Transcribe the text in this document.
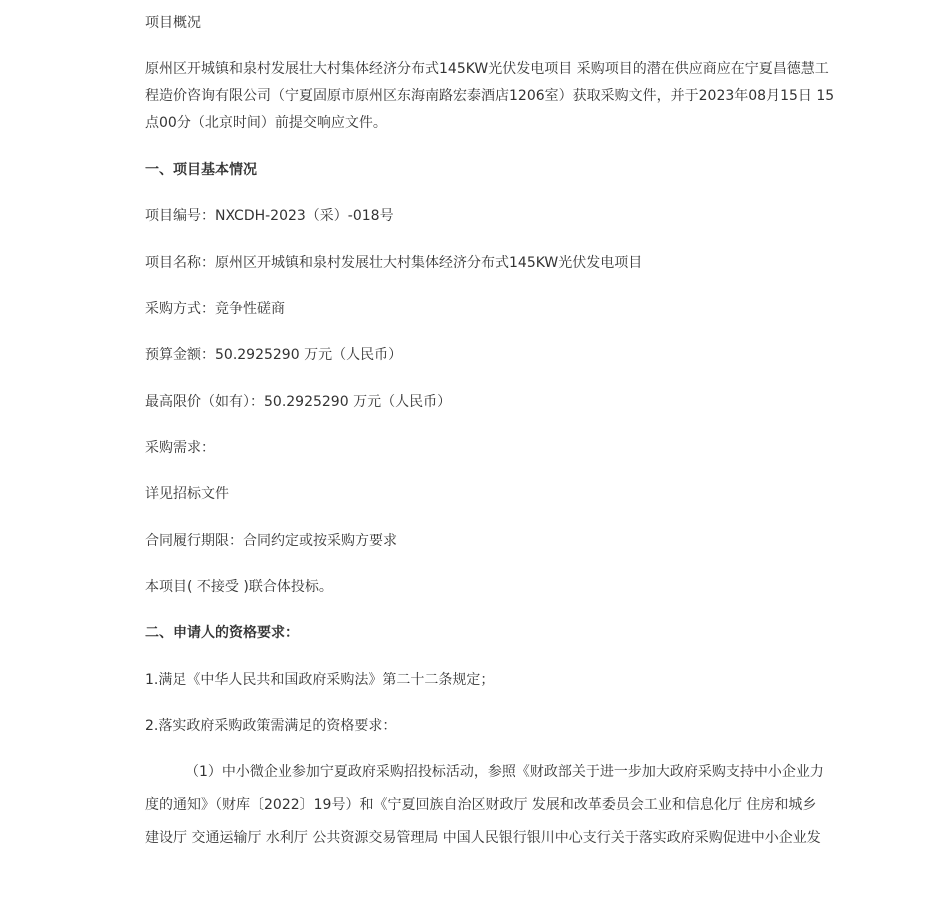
项目概况
原州区开城镇和泉村发展壮大村集体经济分布式145KW光伏发电项目 采购项目的潜在供应商应在宁夏昌德慧工
程造价咨询有限公司（宁夏固原市原州区东海南路宏泰酒店1206室）获取采购文件，并于2023年08月15日 15
点00分（北京时间）前提交响应文件。
一、项目基本情况
项目编号：NXCDH-2023（采）-018号
项目名称：原州区开城镇和泉村发展壮大村集体经济分布式145KW光伏发电项目
采购方式：竞争性磋商
预算金额：50.2925290 万元（人民币）
最高限价（如有）：50.2925290 万元（人民币）
采购需求：
详见招标文件
合同履行期限：合同约定或按采购方要求
本项目( 不接受 )联合体投标。
二、申请人的资格要求：
1.满足《中华人民共和国政府采购法》第二十二条规定；
2.落实政府采购政策需满足的资格要求：
（1）中小微企业参加宁夏政府采购招投标活动，参照《财政部关于进一步加大政府采购支持中小企业力
度的通知》（财库〔2022〕19号）和《宁夏回族自治区财政厅 发展和改革委员会工业和信息化厅 住房和城乡
建设厅 交通运输厅 水利厅 公共资源交易管理局 中国人民银行银川中心支行关于落实政府采购促进中小企业发
